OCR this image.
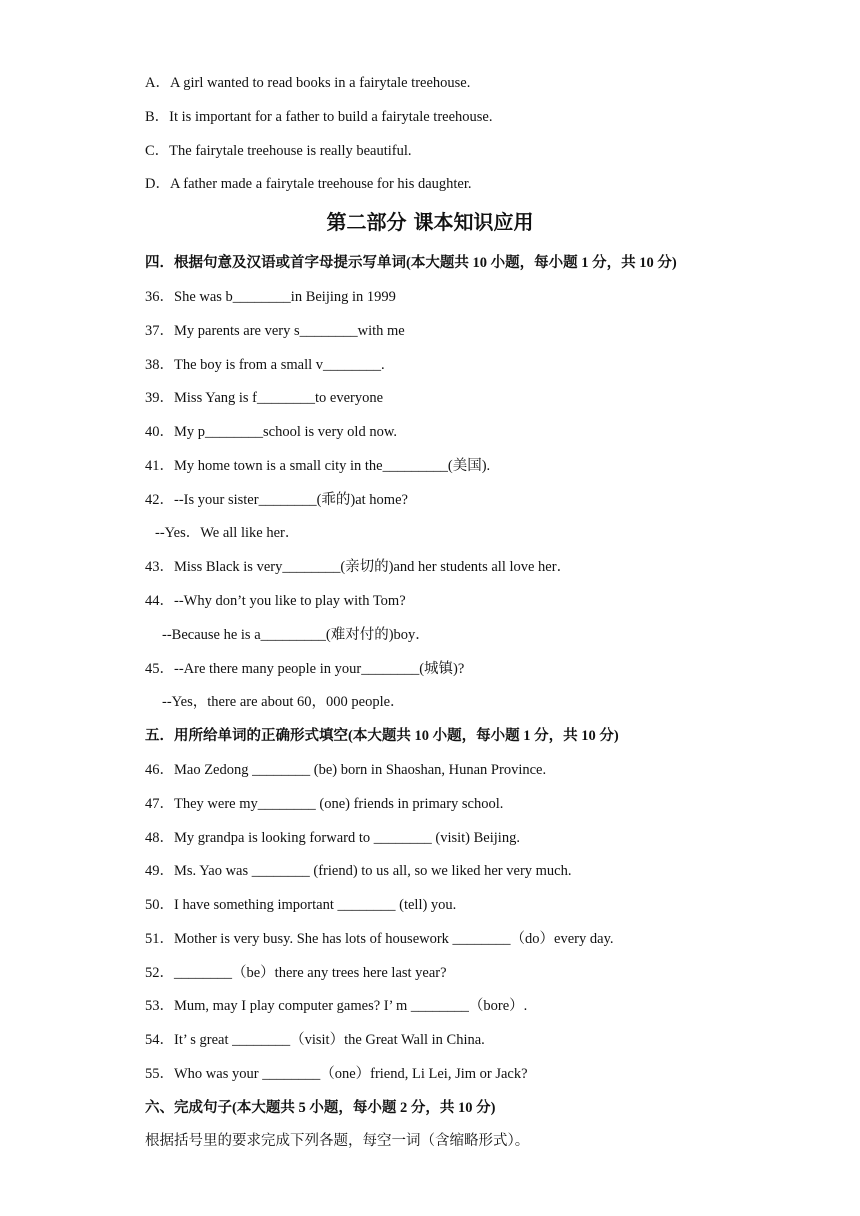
A．A girl wanted to read books in a fairytale treehouse.
B．It is important for a father to build a fairytale treehouse.
C．The fairytale treehouse is really beautiful.
D．A father made a fairytale treehouse for his daughter.
第二部分 课本知识应用
四．根据句意及汉语或首字母提示写单词(本大题共 10 小题，每小题 1 分，共 10 分)
36．She was b________in Beijing in 1999
37．My parents are very s________with me
38．The boy is from a small v________.
39．Miss Yang is f________to everyone
40．My p________school is very old now.
41．My home town is a small city in the_________(美国).
42．--Is your sister________(乖的)at home?
--Yes．We all like her．
43．Miss Black is very________(亲切的)and her students all love her．
44．--Why don’t you like to play with Tom?
--Because he is a_________(难对付的)boy．
45．--Are there many people in your________(城镇)?
--Yes，there are about 60，000 people．
五．用所给单词的正确形式填空(本大题共 10 小题，每小题 1 分，共 10 分)
46．Mao Zedong ________ (be) born in Shaoshan, Hunan Province.
47．They were my________ (one) friends in primary school.
48．My grandpa is looking forward to ________ (visit) Beijing.
49．Ms. Yao was ________ (friend) to us all, so we liked her very much.
50．I have something important ________ (tell) you.
51．Mother is very busy. She has lots of housework ________（do）every day.
52．________（be）there any trees here last year?
53．Mum, may I play computer games? I’ m ________（bore）.
54．It’ s great ________（visit）the Great Wall in China.
55．Who was your ________（one）friend, Li Lei, Jim or Jack?
六、完成句子(本大题共 5 小题，每小题 2 分，共 10 分)
根据括号里的要求完成下列各题，每空一词（含缩略形式）。
